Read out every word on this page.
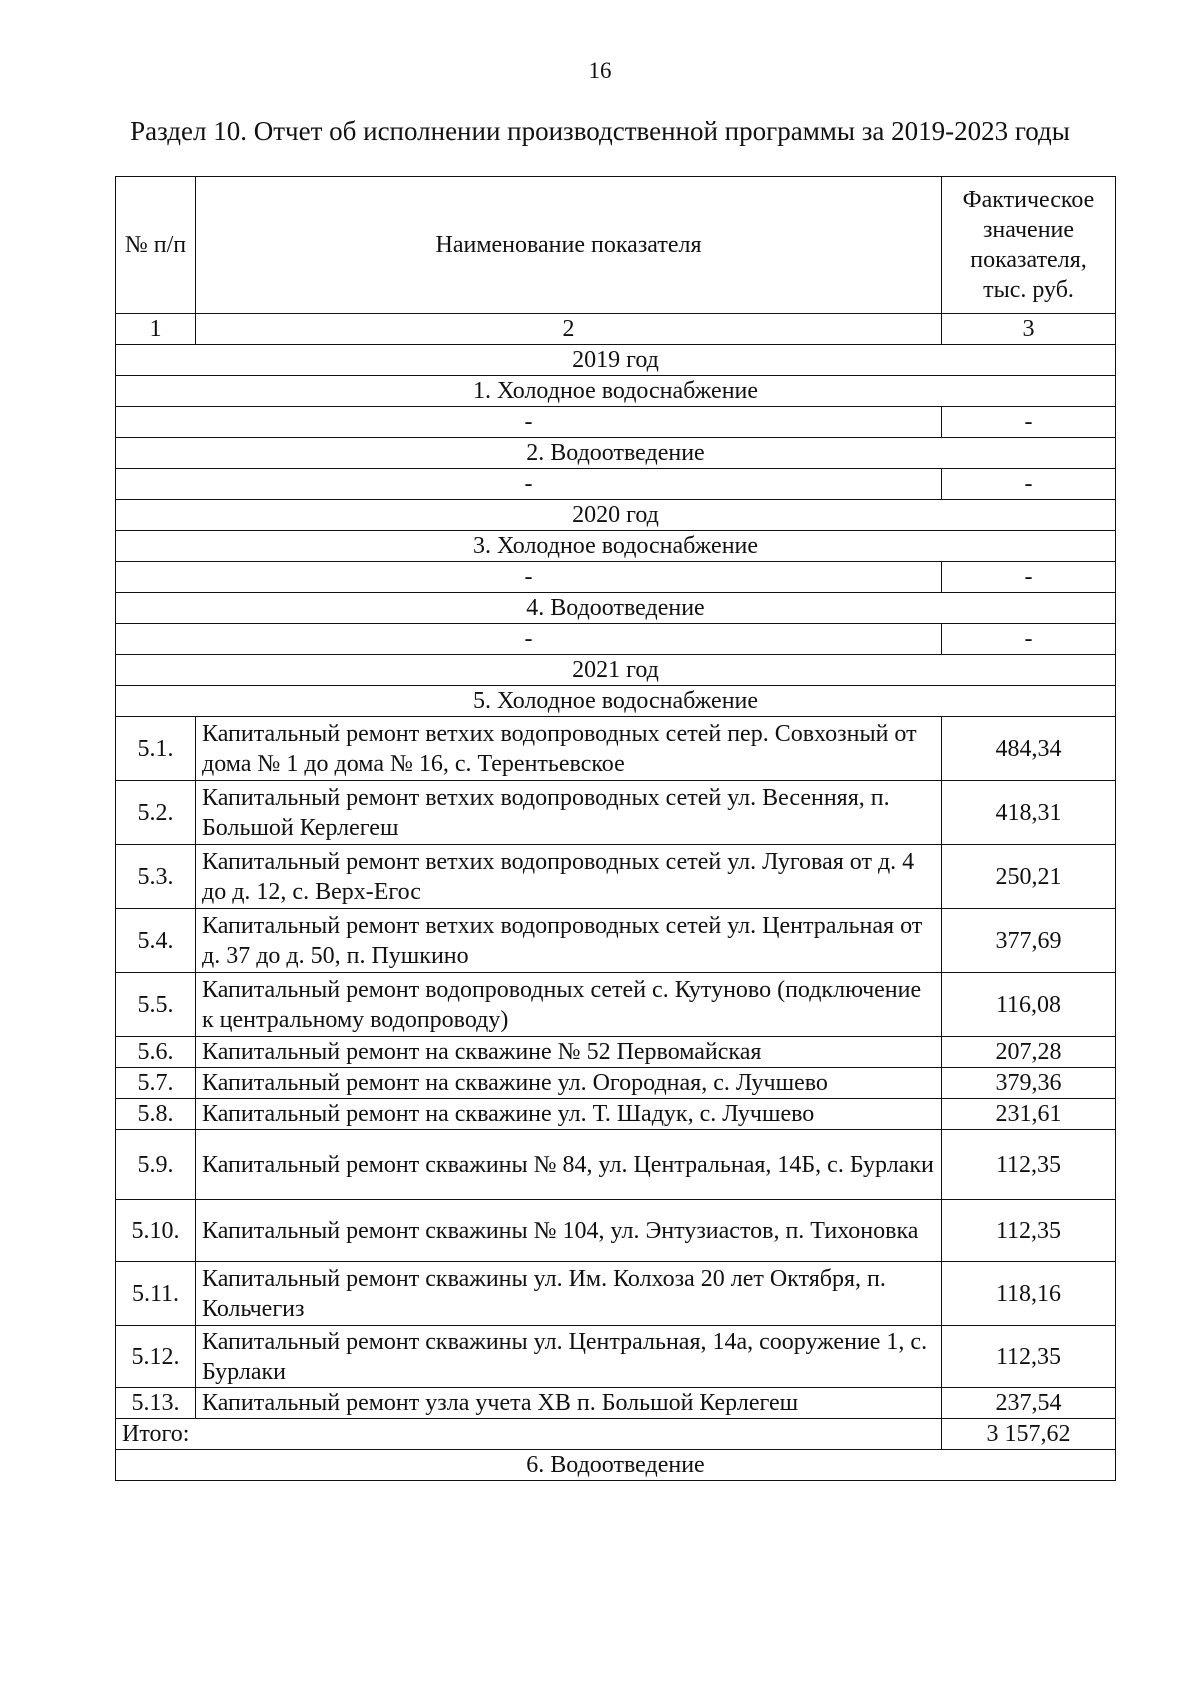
16
Раздел 10. Отчет об исполнении производственной программы за 2019-2023 годы
№ п/п	Наименование показателя	Фактическое значение показателя, тыс. руб.
1	2	3
2019 год		
1. Холодное водоснабжение		
-		-
2. Водоотведение		
-		-
2020 год		
3. Холодное водоснабжение		
-		-
4. Водоотведение		
-		-
2021 год		
5. Холодное водоснабжение		
5.1.	Капитальный ремонт ветхих водопроводных сетей пер. Совхозный от дома № 1 до дома № 16, с. Терентьевское	484,34
5.2.	Капитальный ремонт ветхих водопроводных сетей ул. Весенняя, п. Большой Керлегеш	418,31
5.3.	Капитальный ремонт ветхих водопроводных сетей ул. Луговая от д. 4 до д. 12, с. Верх-Егос	250,21
5.4.	Капитальный ремонт ветхих водопроводных сетей ул. Центральная от д. 37 до д. 50, п. Пушкино	377,69
5.5.	Капитальный ремонт водопроводных сетей с. Кутуново (подключение к центральному водопроводу)	116,08
5.6.	Капитальный ремонт на скважине № 52 Первомайская	207,28
5.7.	Капитальный ремонт на скважине ул. Огородная, с. Лучшево	379,36
5.8.	Капитальный ремонт на скважине ул. Т. Шадук, с. Лучшево	231,61
5.9.	Капитальный ремонт скважины № 84, ул. Центральная, 14Б, с. Бурлаки	112,35
5.10.	Капитальный ремонт скважины № 104, ул. Энтузиастов, п. Тихоновка	112,35
5.11.	Капитальный ремонт скважины ул. Им. Колхоза 20 лет Октября, п. Кольчегиз	118,16
5.12.	Капитальный ремонт скважины ул. Центральная, 14а, сооружение 1, с. Бурлаки	112,35
5.13.	Капитальный ремонт узла учета ХВ п. Большой Керлегеш	237,54
Итого:		3 157,62
6. Водоотведение		
